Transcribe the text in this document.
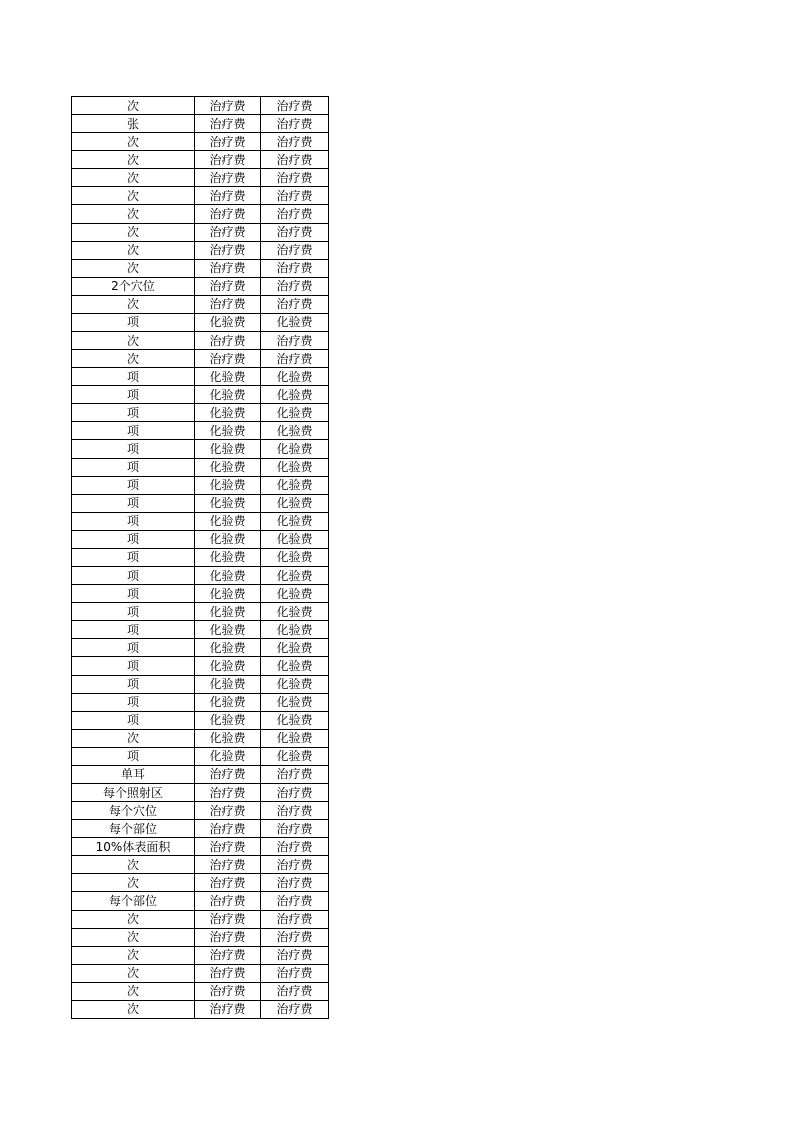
次	治疗费	治疗费
张	治疗费	治疗费
次	治疗费	治疗费
次	治疗费	治疗费
次	治疗费	治疗费
次	治疗费	治疗费
次	治疗费	治疗费
次	治疗费	治疗费
次	治疗费	治疗费
次	治疗费	治疗费
2个穴位	治疗费	治疗费
次	治疗费	治疗费
项	化验费	化验费
次	治疗费	治疗费
次	治疗费	治疗费
项	化验费	化验费
项	化验费	化验费
项	化验费	化验费
项	化验费	化验费
项	化验费	化验费
项	化验费	化验费
项	化验费	化验费
项	化验费	化验费
项	化验费	化验费
项	化验费	化验费
项	化验费	化验费
项	化验费	化验费
项	化验费	化验费
项	化验费	化验费
项	化验费	化验费
项	化验费	化验费
项	化验费	化验费
项	化验费	化验费
项	化验费	化验费
项	化验费	化验费
次	化验费	化验费
项	化验费	化验费
单耳	治疗费	治疗费
每个照射区	治疗费	治疗费
每个穴位	治疗费	治疗费
每个部位	治疗费	治疗费
10%体表面积	治疗费	治疗费
次	治疗费	治疗费
次	治疗费	治疗费
每个部位	治疗费	治疗费
次	治疗费	治疗费
次	治疗费	治疗费
次	治疗费	治疗费
次	治疗费	治疗费
次	治疗费	治疗费
次	治疗费	治疗费
